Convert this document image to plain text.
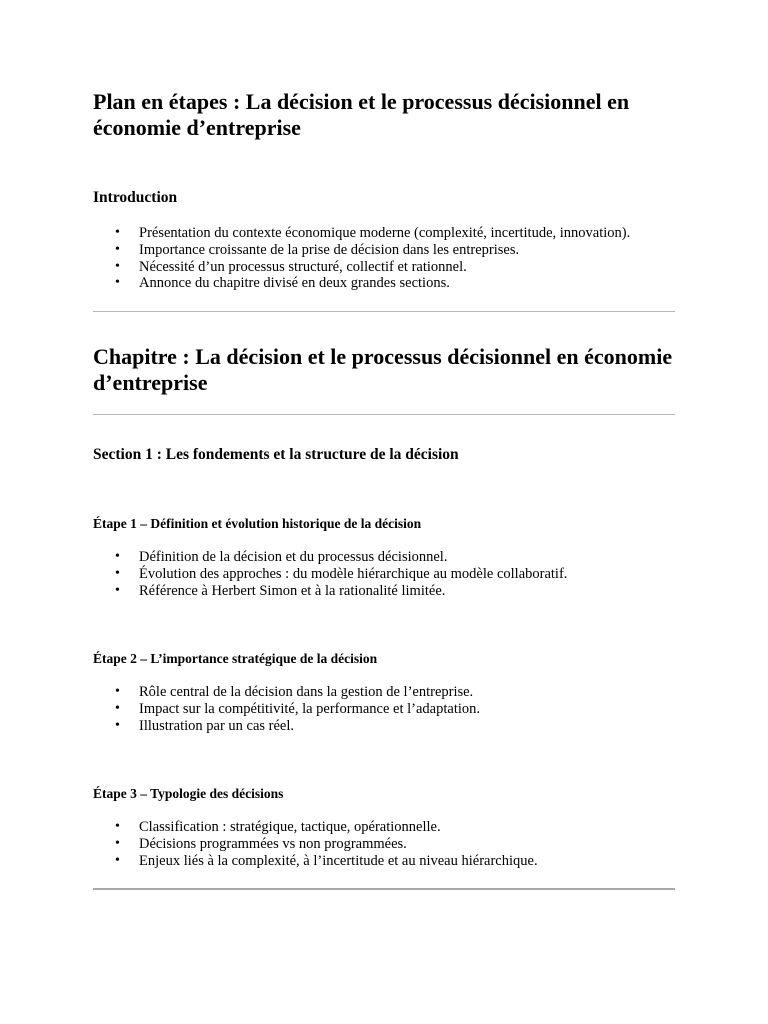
Plan en étapes : La décision et le processus décisionnel en économie d’entreprise
Introduction
• Présentation du contexte économique moderne (complexité, incertitude, innovation).
• Importance croissante de la prise de décision dans les entreprises.
• Nécessité d’un processus structuré, collectif et rationnel.
• Annonce du chapitre divisé en deux grandes sections.
Chapitre : La décision et le processus décisionnel en économie d’entreprise
Section 1 : Les fondements et la structure de la décision
Étape 1 – Définition et évolution historique de la décision
• Définition de la décision et du processus décisionnel.
• Évolution des approches : du modèle hiérarchique au modèle collaboratif.
• Référence à Herbert Simon et à la rationalité limitée.
Étape 2 – L’importance stratégique de la décision
• Rôle central de la décision dans la gestion de l’entreprise.
• Impact sur la compétitivité, la performance et l’adaptation.
• Illustration par un cas réel.
Étape 3 – Typologie des décisions
• Classification : stratégique, tactique, opérationnelle.
• Décisions programmées vs non programmées.
• Enjeux liés à la complexité, à l’incertitude et au niveau hiérarchique.
